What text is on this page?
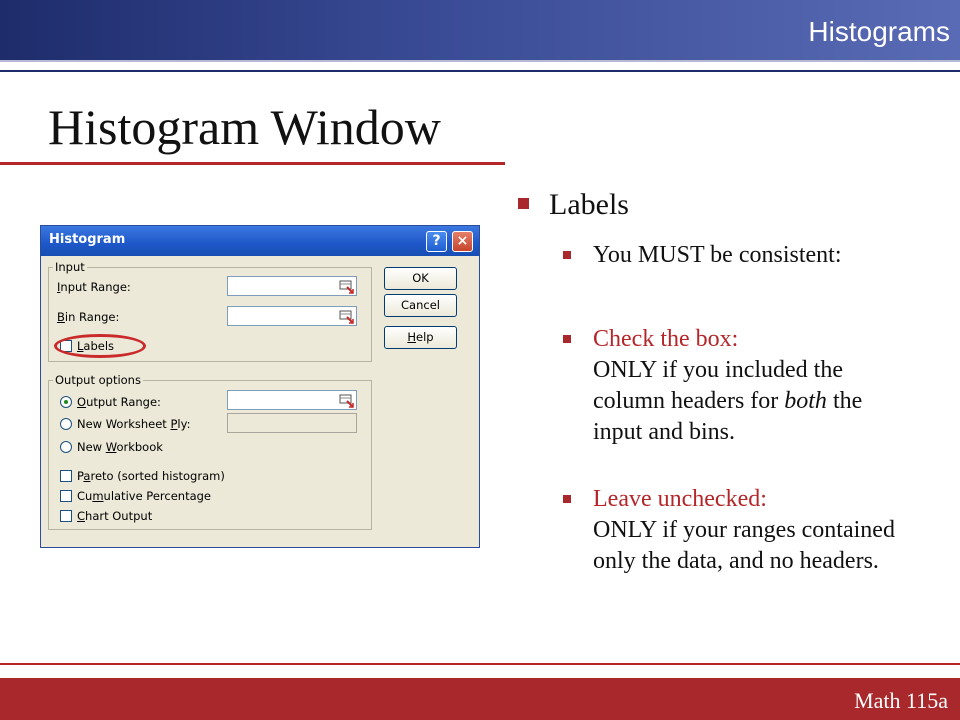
Histograms
Histogram Window
Histogram	?	×
Input
Input Range:
Bin Range:
Labels
Output options
Output Range:
New Worksheet Ply:
New Workbook
Pareto (sorted histogram)
Cumulative Percentage
Chart Output
OK
Cancel
Help
Labels
You MUST be consistent:
Check the box:
ONLY if you included the column headers for both the input and bins.
Leave unchecked:
ONLY if your ranges contained only the data, and no headers.
Math 115a
